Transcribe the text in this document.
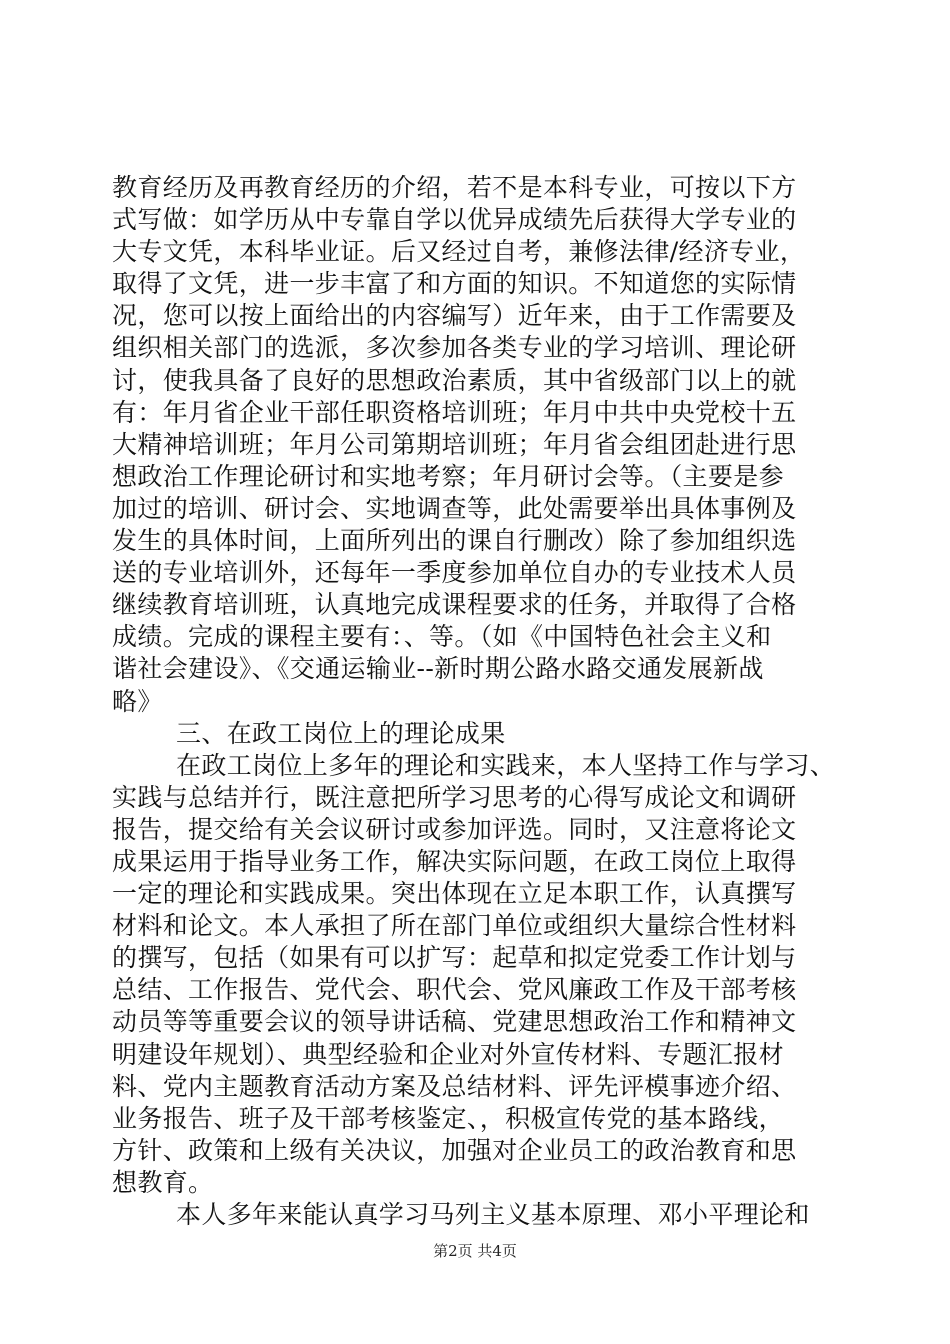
教育经历及再教育经历的介绍，若不是本科专业，可按以下方
式写做：如学历从中专靠自学以优异成绩先后获得大学专业的
大专文凭，本科毕业证。后又经过自考，兼修法律/经济专业，
取得了文凭，进一步丰富了和方面的知识。不知道您的实际情
况，您可以按上面给出的内容编写）近年来，由于工作需要及
组织相关部门的选派，多次参加各类专业的学习培训、理论研
讨，使我具备了良好的思想政治素质，其中省级部门以上的就
有：年月省企业干部任职资格培训班；年月中共中央党校十五
大精神培训班；年月公司第期培训班；年月省会组团赴进行思
想政治工作理论研讨和实地考察；年月研讨会等。（主要是参
加过的培训、研讨会、实地调查等，此处需要举出具体事例及
发生的具体时间，上面所列出的课自行删改）除了参加组织选
送的专业培训外，还每年一季度参加单位自办的专业技术人员
继续教育培训班，认真地完成课程要求的任务，并取得了合格
成绩。完成的课程主要有：、等。（如《中国特色社会主义和
谐社会建设》、《交通运输业--新时期公路水路交通发展新战
略》
三、在政工岗位上的理论成果
在政工岗位上多年的理论和实践来，本人坚持工作与学习、
实践与总结并行，既注意把所学习思考的心得写成论文和调研
报告，提交给有关会议研讨或参加评选。同时，又注意将论文
成果运用于指导业务工作，解决实际问题，在政工岗位上取得
一定的理论和实践成果。突出体现在立足本职工作，认真撰写
材料和论文。本人承担了所在部门单位或组织大量综合性材料
的撰写，包括（如果有可以扩写：起草和拟定党委工作计划与
总结、工作报告、党代会、职代会、党风廉政工作及干部考核
动员等等重要会议的领导讲话稿、党建思想政治工作和精神文
明建设年规划）、典型经验和企业对外宣传材料、专题汇报材
料、党内主题教育活动方案及总结材料、评先评模事迹介绍、
业务报告、班子及干部考核鉴定、，积极宣传党的基本路线，
方针、政策和上级有关决议，加强对企业员工的政治教育和思
想教育。
本人多年来能认真学习马列主义基本原理、邓小平理论和
第2页 共4页
